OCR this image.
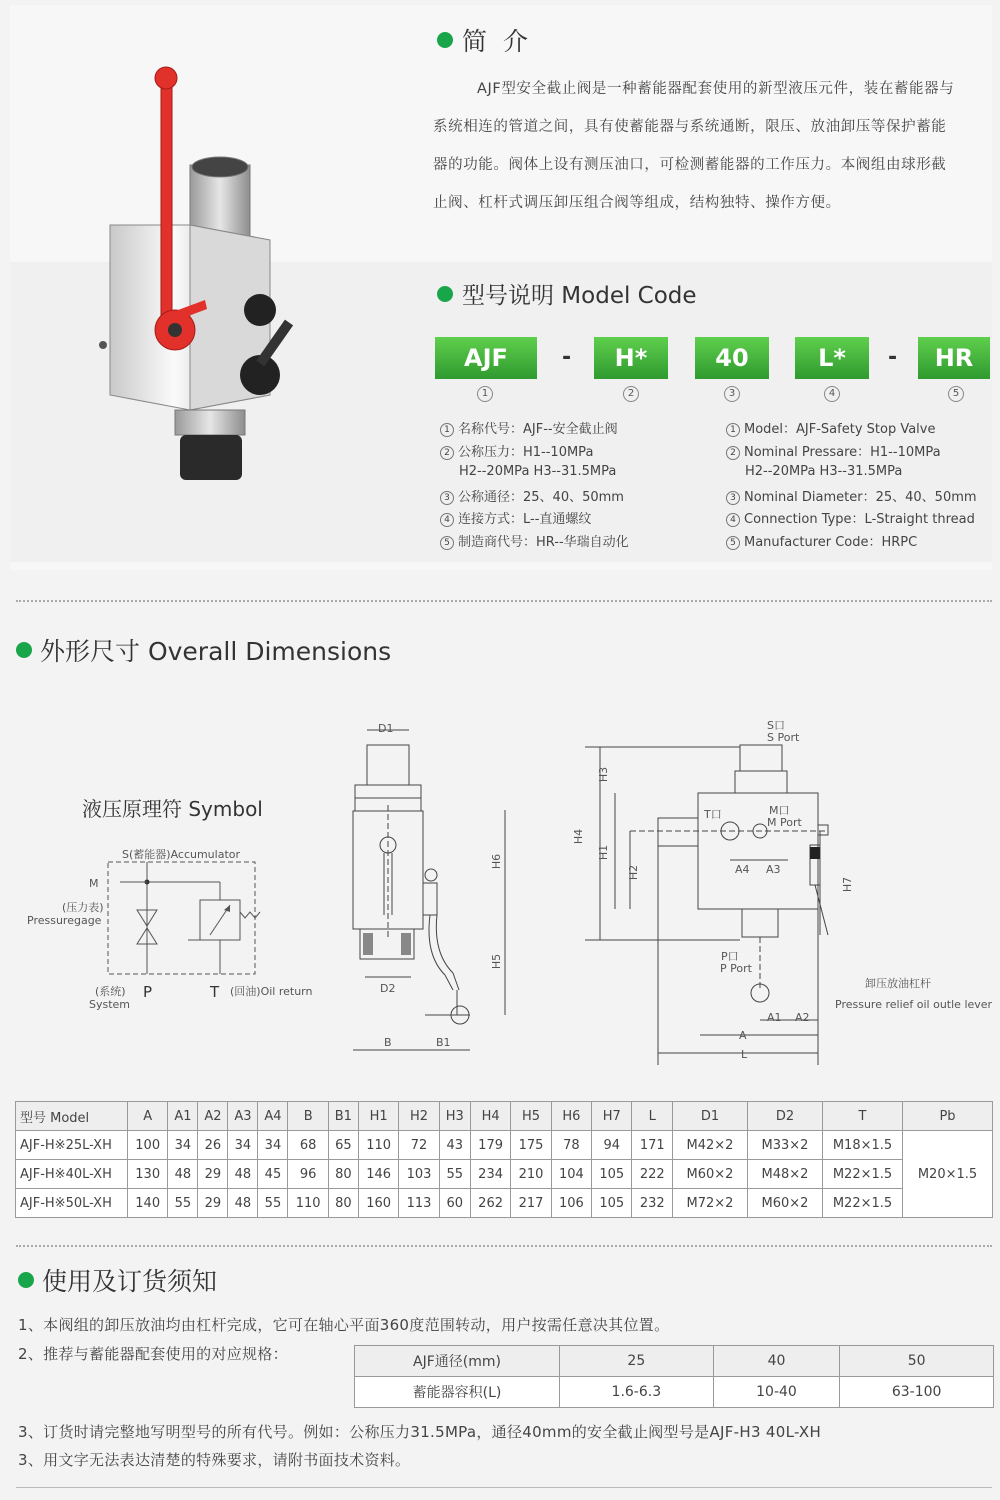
简 介

AJF型安全截止阀是一种蓄能器配套使用的新型液压元件，装在蓄能器与

系统相连的管道之间，具有使蓄能器与系统通断，限压、放油卸压等保护蓄能

器的功能。阀体上设有测压油口，可检测蓄能器的工作压力。本阀组由球形截

止阀、杠杆式调压卸压组合阀等组成，结构独特、操作方便。

型号说明 Model Code
AJF	-	H*	40	L*	-	HR
1	2	3	4	5
1 名称代号：AJF--安全截止阀
2 公称压力：H1--10MPa
H2--20MPa H3--31.5MPa
3 公称通径：25、40、50mm
4 连接方式：L--直通螺纹
5 制造商代号：HR--华瑞自动化
1 Model：AJF-Safety Stop Valve
2 Nominal Pressare：H1--10MPa
H2--20MPa H3--31.5MPa
3 Nominal Diameter：25、40、50mm
4 Connection Type：L-Straight thread
5 Manufacturer Code：HRPC
外形尺寸 Overall Dimensions
液压原理符 Symbol
S(蓄能器)Accumulator
M
(压力表)
Pressuregage
(系统)
System
P	T (回油)Oil return
D1
H6
H5
D2
B	B1
S口
S Port
T口	M口
M Port
H3
H4
H1
H2
H7
A4 A3
P口
P Port
A1 A2
A
L
卸压放油杠杆
Pressure relief oil outle lever
型号 Model	A	A1	A2	A3	A4	B	B1	H1	H2	H3	H4	H5	H6	H7	L	D1	D2	T	Pb
AJF-H※25L-XH	100	34	26	34	34	68	65	110	72	43	179	175	78	94	171	M42×2	M33×2	M18×1.5	M20×1.5
AJF-H※40L-XH	130	48	29	48	45	96	80	146	103	55	234	210	104	105	222	M60×2	M48×2	M22×1.5	
AJF-H※50L-XH	140	55	29	48	55	110	80	160	113	60	262	217	106	105	232	M72×2	M60×2	M22×1.5	
使用及订货须知
1、本阀组的卸压放油均由杠杆完成，它可在轴心平面360度范围转动，用户按需任意决其位置。
2、推荐与蓄能器配套使用的对应规格：	AJF通径(mm)	25	40	50
蓄能器容积(L)	1.6-6.3	10-40	63-100
3、订货时请完整地写明型号的所有代号。例如：公称压力31.5MPa，通径40mm的安全截止阀型号是AJF-H3 40L-XH
3、用文字无法表达清楚的特殊要求，请附书面技术资料。
